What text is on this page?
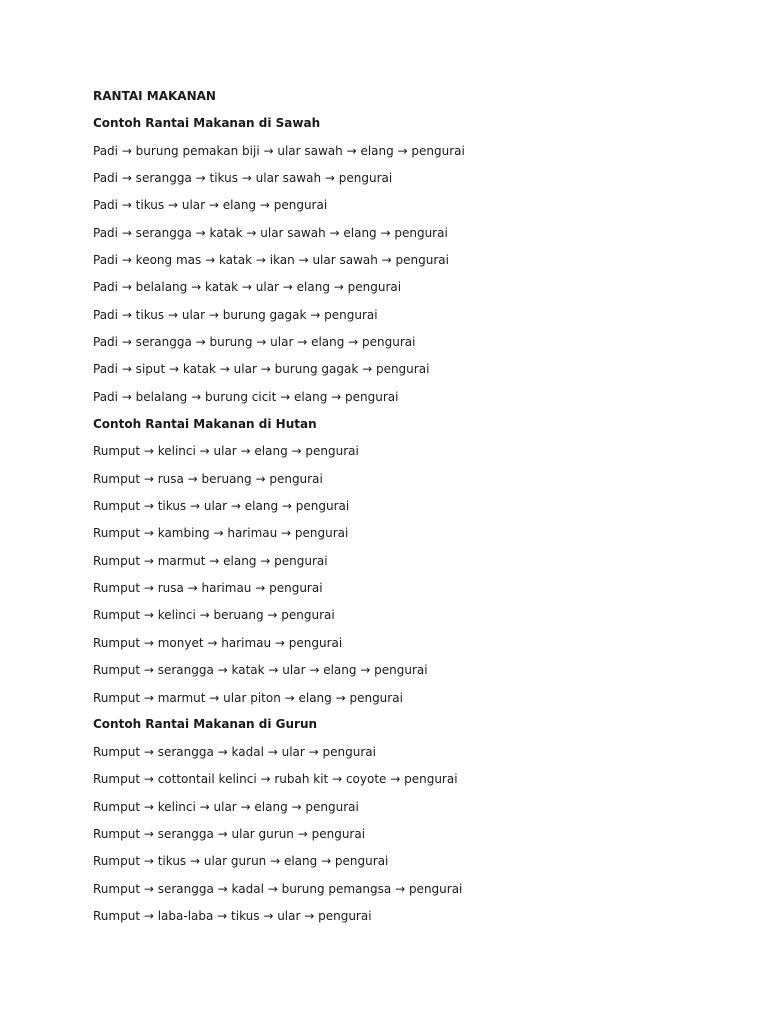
RANTAI MAKANAN

Contoh Rantai Makanan di Sawah

Padi → burung pemakan biji → ular sawah → elang → pengurai

Padi → serangga → tikus → ular sawah → pengurai

Padi → tikus → ular → elang → pengurai

Padi → serangga → katak → ular sawah → elang → pengurai

Padi → keong mas → katak → ikan → ular sawah → pengurai

Padi → belalang → katak → ular → elang → pengurai

Padi → tikus → ular → burung gagak → pengurai

Padi → serangga → burung → ular → elang → pengurai

Padi → siput → katak → ular → burung gagak → pengurai

Padi → belalang → burung cicit → elang → pengurai

Contoh Rantai Makanan di Hutan

Rumput → kelinci → ular → elang → pengurai

Rumput → rusa → beruang → pengurai

Rumput → tikus → ular → elang → pengurai

Rumput → kambing → harimau → pengurai

Rumput → marmut → elang → pengurai

Rumput → rusa → harimau → pengurai

Rumput → kelinci → beruang → pengurai

Rumput → monyet → harimau → pengurai

Rumput → serangga → katak → ular → elang → pengurai

Rumput → marmut → ular piton → elang → pengurai

Contoh Rantai Makanan di Gurun

Rumput → serangga → kadal → ular → pengurai

Rumput → cottontail kelinci → rubah kit → coyote → pengurai

Rumput → kelinci → ular → elang → pengurai

Rumput → serangga → ular gurun → pengurai

Rumput → tikus → ular gurun → elang → pengurai

Rumput → serangga → kadal → burung pemangsa → pengurai

Rumput → laba-laba → tikus → ular → pengurai
